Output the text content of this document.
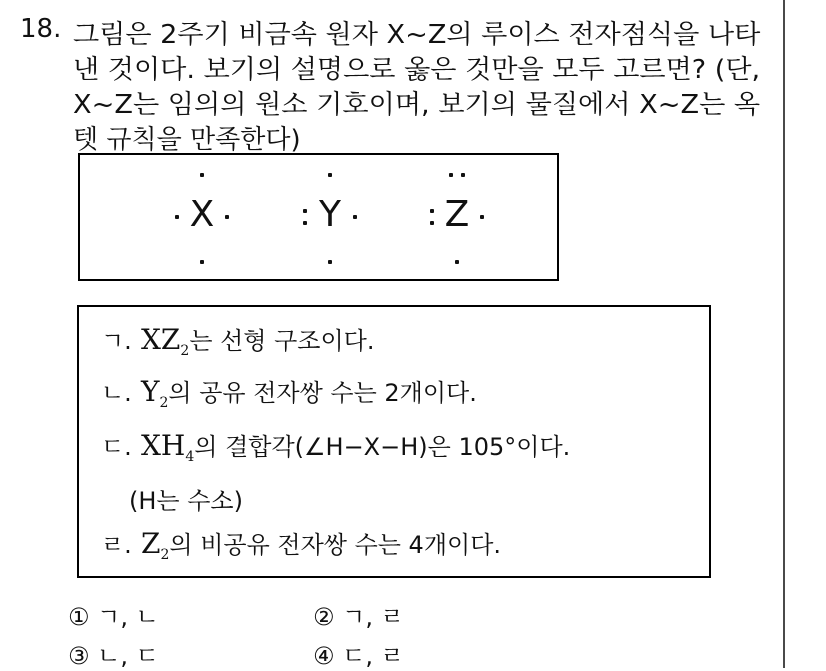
18. 그림은 2주기 비금속 원자 X~Z의 루이스 전자점식을 나타
낸 것이다. 보기의 설명으로 옳은 것만을 모두 고르면? (단,
X~Z는 임의의 원소 기호이며, 보기의 물질에서 X~Z는 옥
텟 규칙을 만족한다)
X	Y	Z
ㄱ. $XZ_2$는 선형 구조이다.
ㄴ. $Y_2$의 공유 전자쌍 수는 2개이다.
ㄷ. $XH_4$의 결합각(∠H−X−H)은 105°이다.
(H는 수소)
ㄹ. $Z_2$의 비공유 전자쌍 수는 4개이다.
① ㄱ, ㄴ	② ㄱ, ㄹ
③ ㄴ, ㄷ	④ ㄷ, ㄹ
